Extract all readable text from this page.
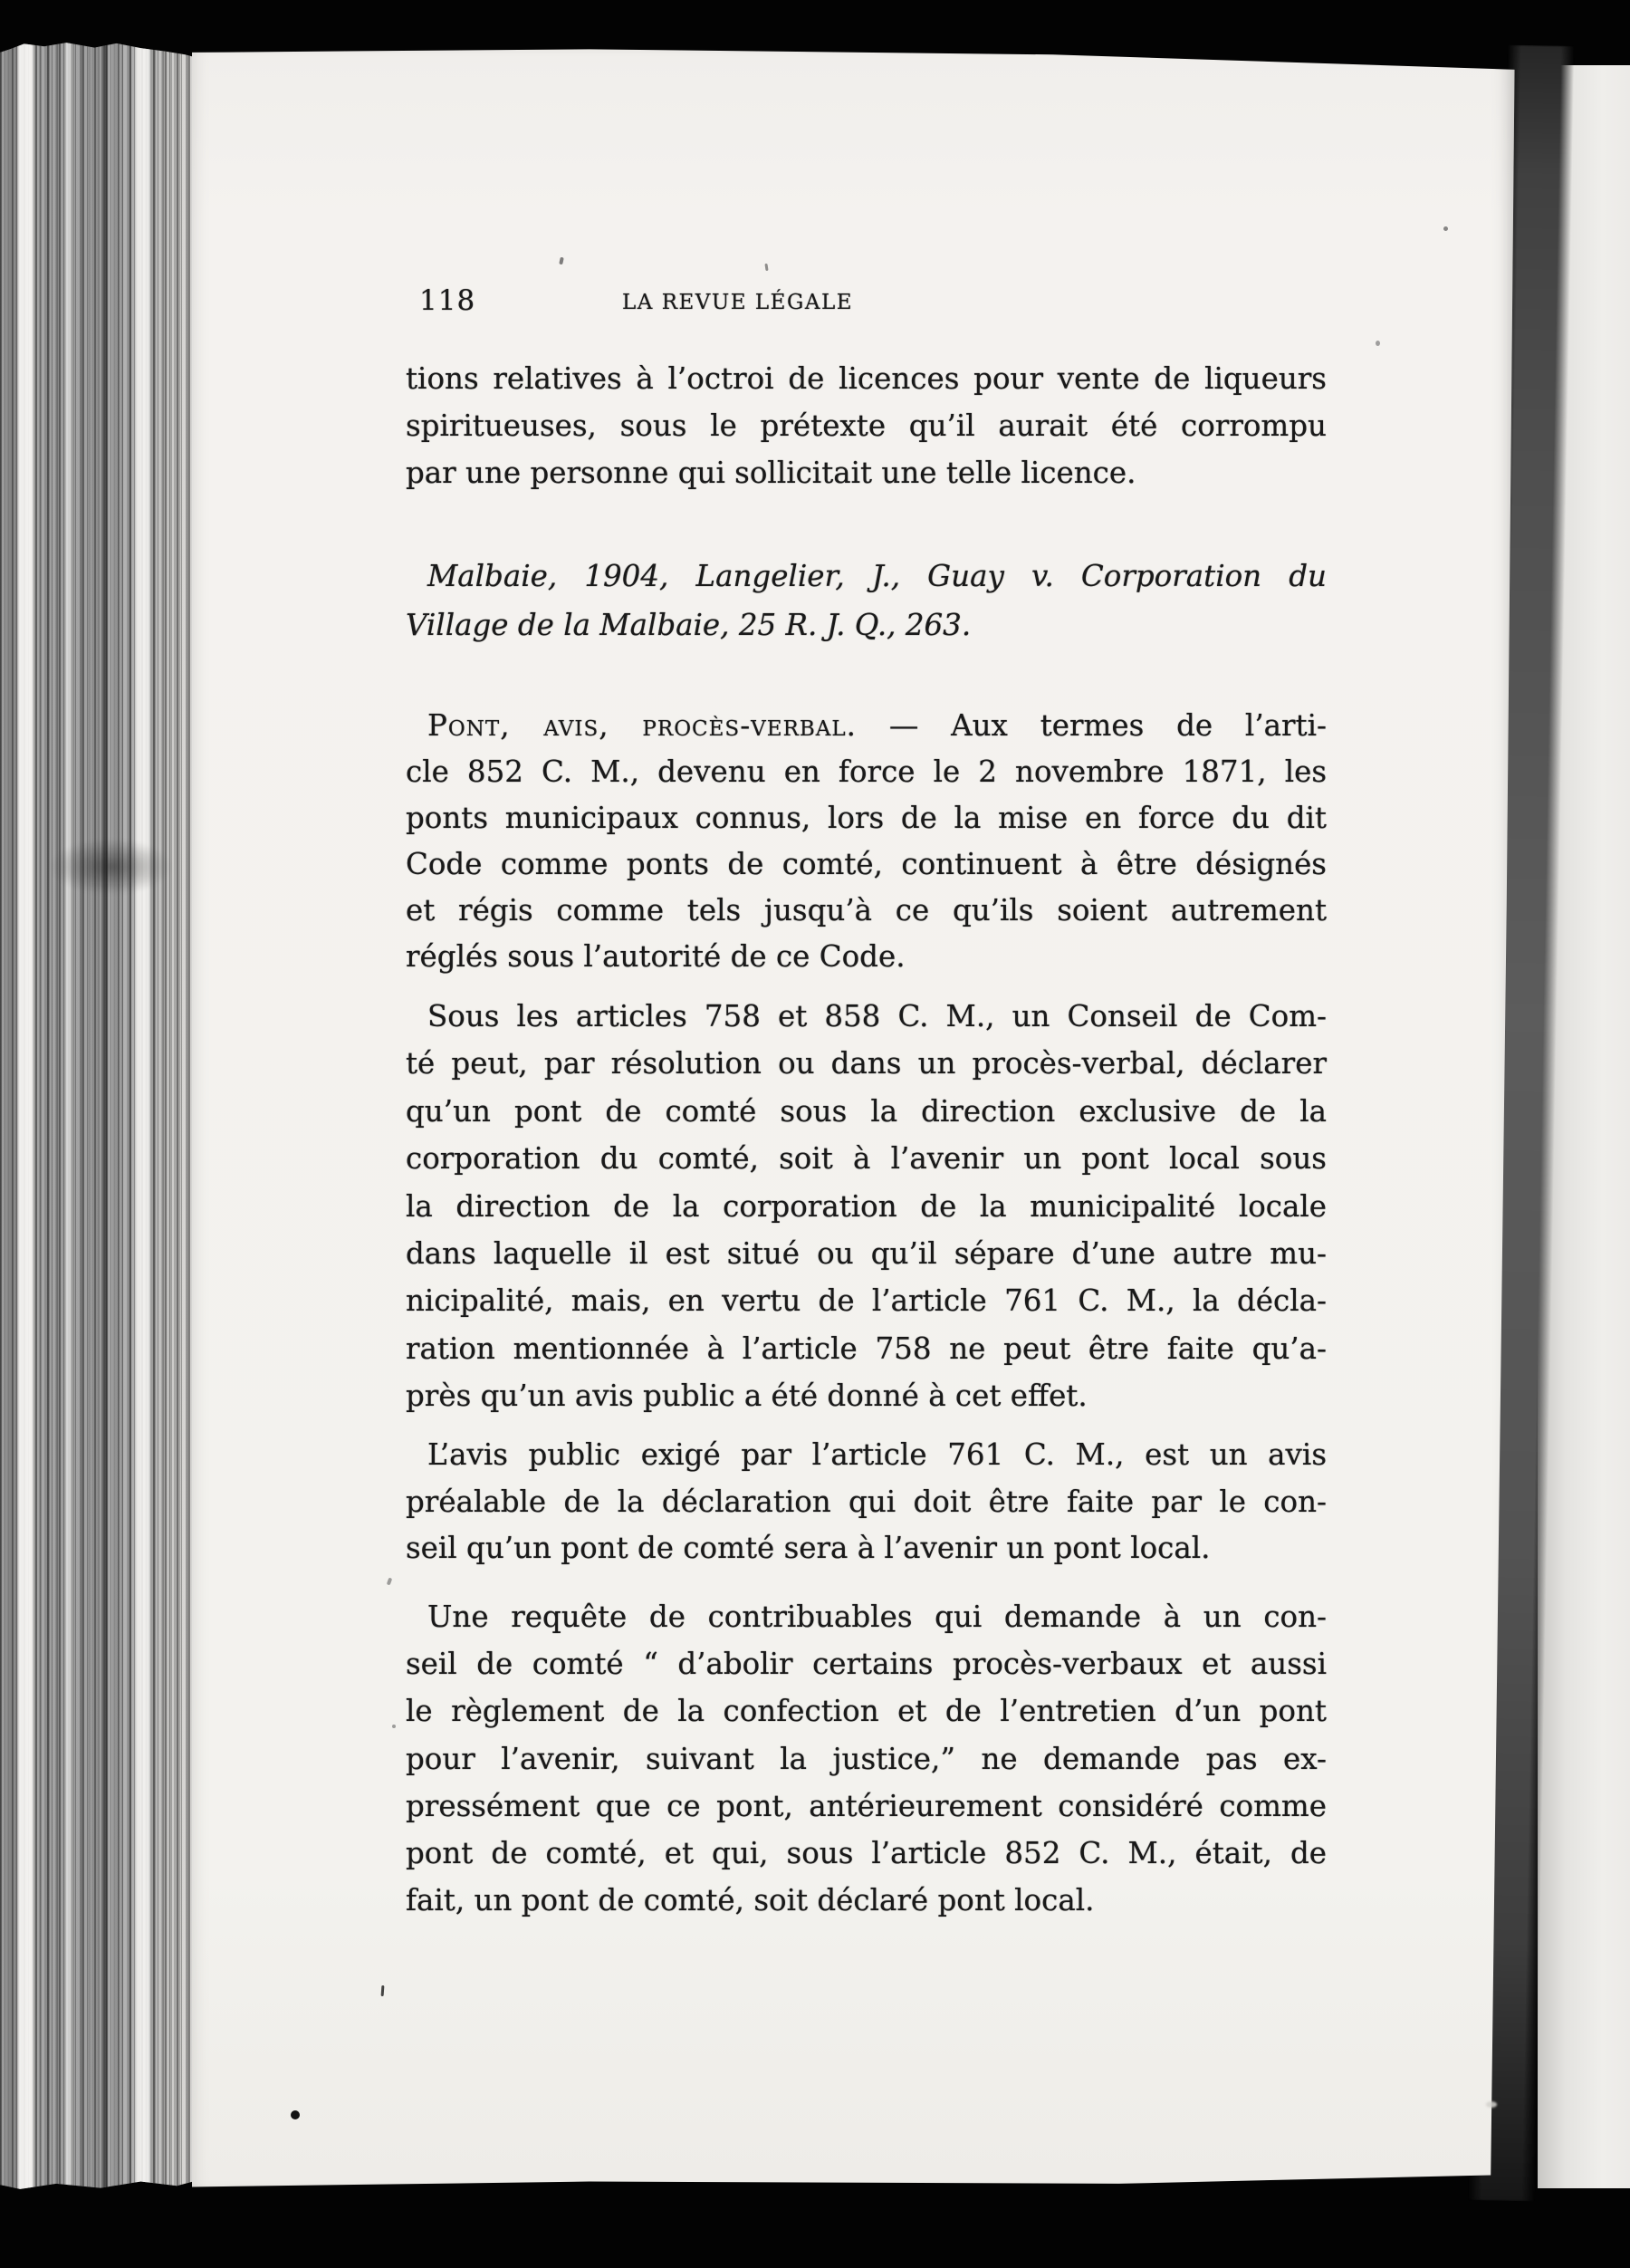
118	LA REVUE LÉGALE
tions relatives à l’octroi de licences pour vente de liqueurs
spiritueuses, sous le prétexte qu’il aurait été corrompu
par une personne qui sollicitait une telle licence.
Malbaie, 1904, Langelier, J., Guay v. Corporation du
Village de la Malbaie, 25 R. J. Q., 263.
Pont, avis, procès-verbal. — Aux termes de l’arti-
cle 852 C. M., devenu en force le 2 novembre 1871, les
ponts municipaux connus, lors de la mise en force du dit
Code comme ponts de comté, continuent à être désignés
et régis comme tels jusqu’à ce qu’ils soient autrement
réglés sous l’autorité de ce Code.
Sous les articles 758 et 858 C. M., un Conseil de Com-
té peut, par résolution ou dans un procès-verbal, déclarer
qu’un pont de comté sous la direction exclusive de la
corporation du comté, soit à l’avenir un pont local sous
la direction de la corporation de la municipalité locale
dans laquelle il est situé ou qu’il sépare d’une autre mu-
nicipalité, mais, en vertu de l’article 761 C. M., la décla-
ration mentionnée à l’article 758 ne peut être faite qu’a-
près qu’un avis public a été donné à cet effet.
L’avis public exigé par l’article 761 C. M., est un avis
préalable de la déclaration qui doit être faite par le con-
seil qu’un pont de comté sera à l’avenir un pont local.
Une requête de contribuables qui demande à un con-
seil de comté “ d’abolir certains procès-verbaux et aussi
le règlement de la confection et de l’entretien d’un pont
pour l’avenir, suivant la justice,” ne demande pas ex-
pressément que ce pont, antérieurement considéré comme
pont de comté, et qui, sous l’article 852 C. M., était, de
fait, un pont de comté, soit déclaré pont local.
